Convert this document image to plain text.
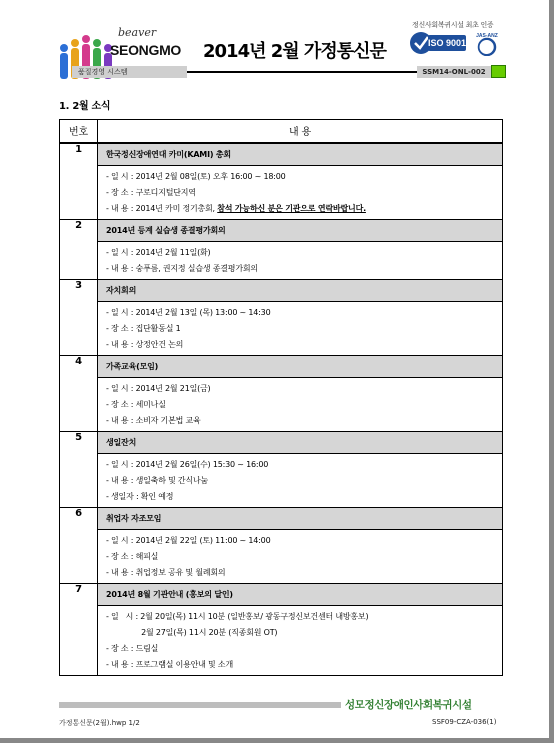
beaver
SEONGMO 2014년 2월 가정통신문
정신사회복귀시설 최초 인증
ISO 9001
JAS-ANZ
품질경영 시스템	SSM14-ONL-002
1. 2월 소식
번호	내 용
1	한국정신장애연대 카미(KAMI) 총회
- 일 시 : 2014년 2월 08일(토) 오후 16:00 ~ 18:00
- 장 소 : 구로디지털단지역
- 내 용 : 2014년 카미 정기총회, 참석 가능하신 분은 기관으로 연락바랍니다.

2	2014년 등계 실습생 종결평가회의
- 일 시 : 2014년 2월 11일(화)
- 내 용 : 숭푸름, 권지정 실습생 종결평가회의

3	자치회의
- 일 시 : 2014년 2월 13일 (목) 13:00 ~ 14:30
- 장 소 : 집단활동실 1
- 내 용 : 상정안건 논의

4	가족교육(모임)
- 일 시 : 2014년 2월 21일(금)
- 장 소 : 세미나실
- 내 용 : 소비자 기본법 교육

5	생일잔치
- 일 시 : 2014년 2월 26일(수) 15:30 ~ 16:00
- 내 용 : 생일축하 및 간식나눔
- 생일자 : 확인 예정

6	취업자 자조모임
- 일 시 : 2014년 2월 22일 (토) 11:00 ~ 14:00
- 장 소 : 해피실
- 내 용 : 취업정보 공유 및 월례회의

7	2014년 8월 기관안내 (홍보의 달인)
- 일   시 : 2월 20일(목) 11시 10분 (일반홍보/ 광동구정신보건센터 내방홍보)
2월 27일(목) 11시 20분 (직종회원 OT)
- 장 소 : 드림실
- 내 용 : 프로그램실 이용안내 및 소개
성모정신장애인사회복귀시설
가정통신문(2월).hwp 1/2	SSF09-CZA-036(1)
